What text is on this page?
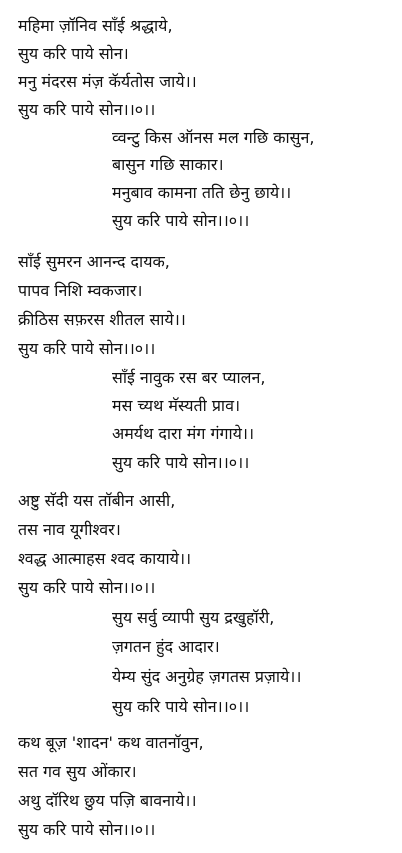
महिमा ज़ॉनिव साँई श्रद्धाये,
सुय करि पाये सोन।
मनु मंदरस मंज़ कॅर्यतोस जाये।।
सुय करि पाये सोन।।०।।
व्वन्टु किस ऑनस मल गछि कासुन,
बासुन गछि साकार।
मनुबाव कामना तति छेनु छाये।।
सुय करि पाये सोन।।०।।
साँई सुमरन आनन्द दायक,
पापव निशि म्वकजार।
क्रीठिस सफ़रस शीतल साये।।
सुय करि पाये सोन।।०।।
साँई नावुक रस बर प्यालन,
मस च्यथ मॅस्यती प्राव।
अमर्यथ दारा मंग गंगाये।।
सुय करि पाये सोन।।०।।
अष्टु सॅदी यस तॉबीन आसी,
तस नाव यूगीश्वर।
श्वद्ध आत्माहस श्वद कायाये।।
सुय करि पाये सोन।।०।।
सुय सर्वु व्यापी सुय द्रखुहॉरी,
ज़गतन हुंद आदार।
येम्य सुंद अनुग्रेह ज़गतस प्रज़ाये।।
सुय करि पाये सोन।।०।।
कथ बूज़ 'शादन' कथ वातनॉवुन,
सत गव सुय ओंकार।
अथु दॉरिथ छुय पज़ि बावनाये।।
सुय करि पाये सोन।।०।।
